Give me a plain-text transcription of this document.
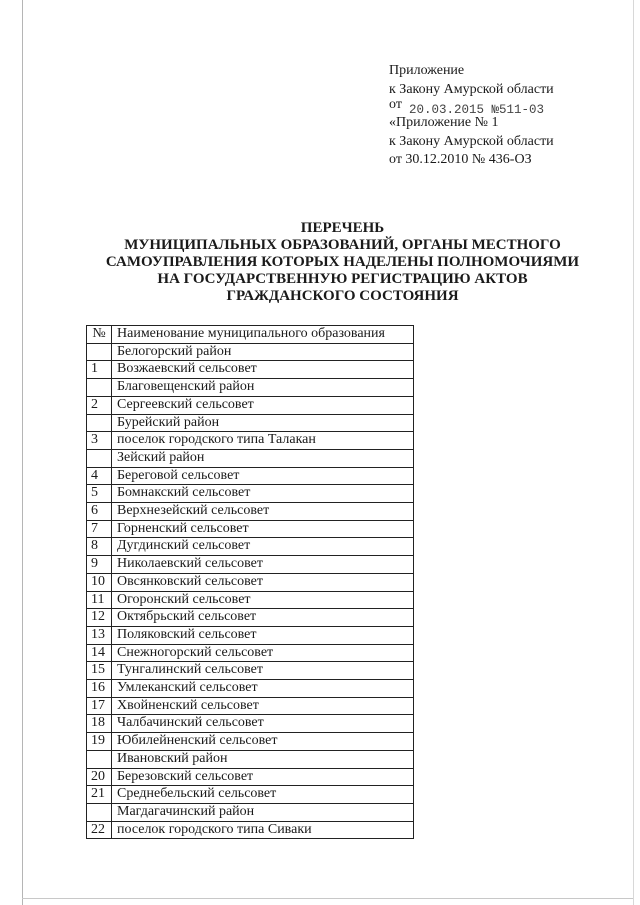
Приложение
к Закону Амурской области
от 20.03.2015 №511-03
«Приложение № 1
к Закону Амурской области
от 30.12.2010 № 436-ОЗ
ПЕРЕЧЕНЬ
МУНИЦИПАЛЬНЫХ ОБРАЗОВАНИЙ, ОРГАНЫ МЕСТНОГО
САМОУПРАВЛЕНИЯ КОТОРЫХ НАДЕЛЕНЫ ПОЛНОМОЧИЯМИ
НА ГОСУДАРСТВЕННУЮ РЕГИСТРАЦИЮ АКТОВ
ГРАЖДАНСКОГО СОСТОЯНИЯ
№	Наименование муниципального образования
	Белогорский район
1	Возжаевский сельсовет
	Благовещенский район
2	Сергеевский сельсовет
	Бурейский район
3	поселок городского типа Талакан
	Зейский район
4	Береговой сельсовет
5	Бомнакский сельсовет
6	Верхнезейский сельсовет
7	Горненский сельсовет
8	Дугдинский сельсовет
9	Николаевский сельсовет
10	Овсянковский сельсовет
11	Огоронский сельсовет
12	Октябрьский сельсовет
13	Поляковский сельсовет
14	Снежногорский сельсовет
15	Тунгалинский сельсовет
16	Умлеканский сельсовет
17	Хвойненский сельсовет
18	Чалбачинский сельсовет
19	Юбилейненский сельсовет
	Ивановский район
20	Березовский сельсовет
21	Среднебельский сельсовет
	Магдагачинский район
22	поселок городского типа Сиваки
